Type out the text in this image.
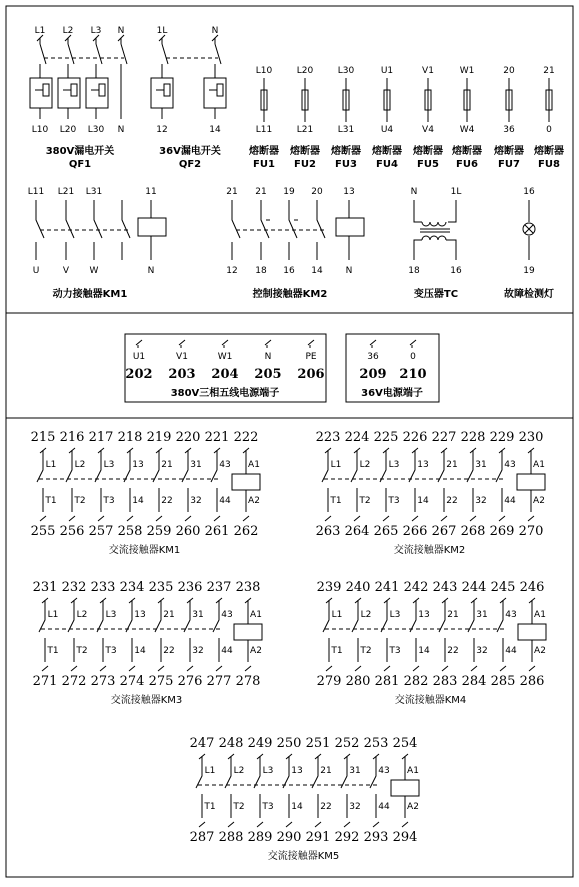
L1 L2 L3 N
L10 L20 L30 N
380V漏电开关
QF1
1L	N
12	14
36V漏电开关
QF2
L10
L11
熔断器
FU1
L20
L21
熔断器
FU2
L30
L31
熔断器
FU3
U1
U4
熔断器
FU4
V1
V4
熔断器
FU5
W1
W4
熔断器
FU6
20
36
熔断器
FU7
21
0
熔断器
FU8
L11 L21 L31	11
U	V W	N
动力接触器KM1
21 21 19 20 13
12 18 16 14	N
控制接触器KM2
N	1L
18	16
变压器TC
16
19
故障检测灯
U1
202
V1
203
W1
204
N
205
PE
206
380V三相五线电源端子
36
209
0
210
36V电源端子
215
L1
T1
255
216
L2
T2
256
217
L3
T3
257
218
13
14
258
219
21
22
259
220
31
32
260
221
43
44
261
222
A1
A2
262
交流接触器KM1
223
L1
T1
263
224
L2
T2
264
225
L3
T3
265
226
13
14
266
227
21
22
267
228
31
32
268
229
43
44
269
230
A1
A2
270
交流接触器KM2
231
L1
T1
271
232
L2
T2
272
233
L3
T3
273
234
13
14
274
235
21
22
275
236
31
32
276
237
43
44
277
238
A1
A2
278
交流接触器KM3
239
L1
T1
279
240
L2
T2
280
241
L3
T3
281
242
13
14
282
243
21
22
283
244
31
32
284
245
43
44
285
246
A1
A2
286
交流接触器KM4
247
L1
T1
287
248
L2
T2
288
249
L3
T3
289
250
13
14
290
251
21
22
291
252
31
32
292
253
43
44
293
254
A1
A2
294
交流接触器KM5
